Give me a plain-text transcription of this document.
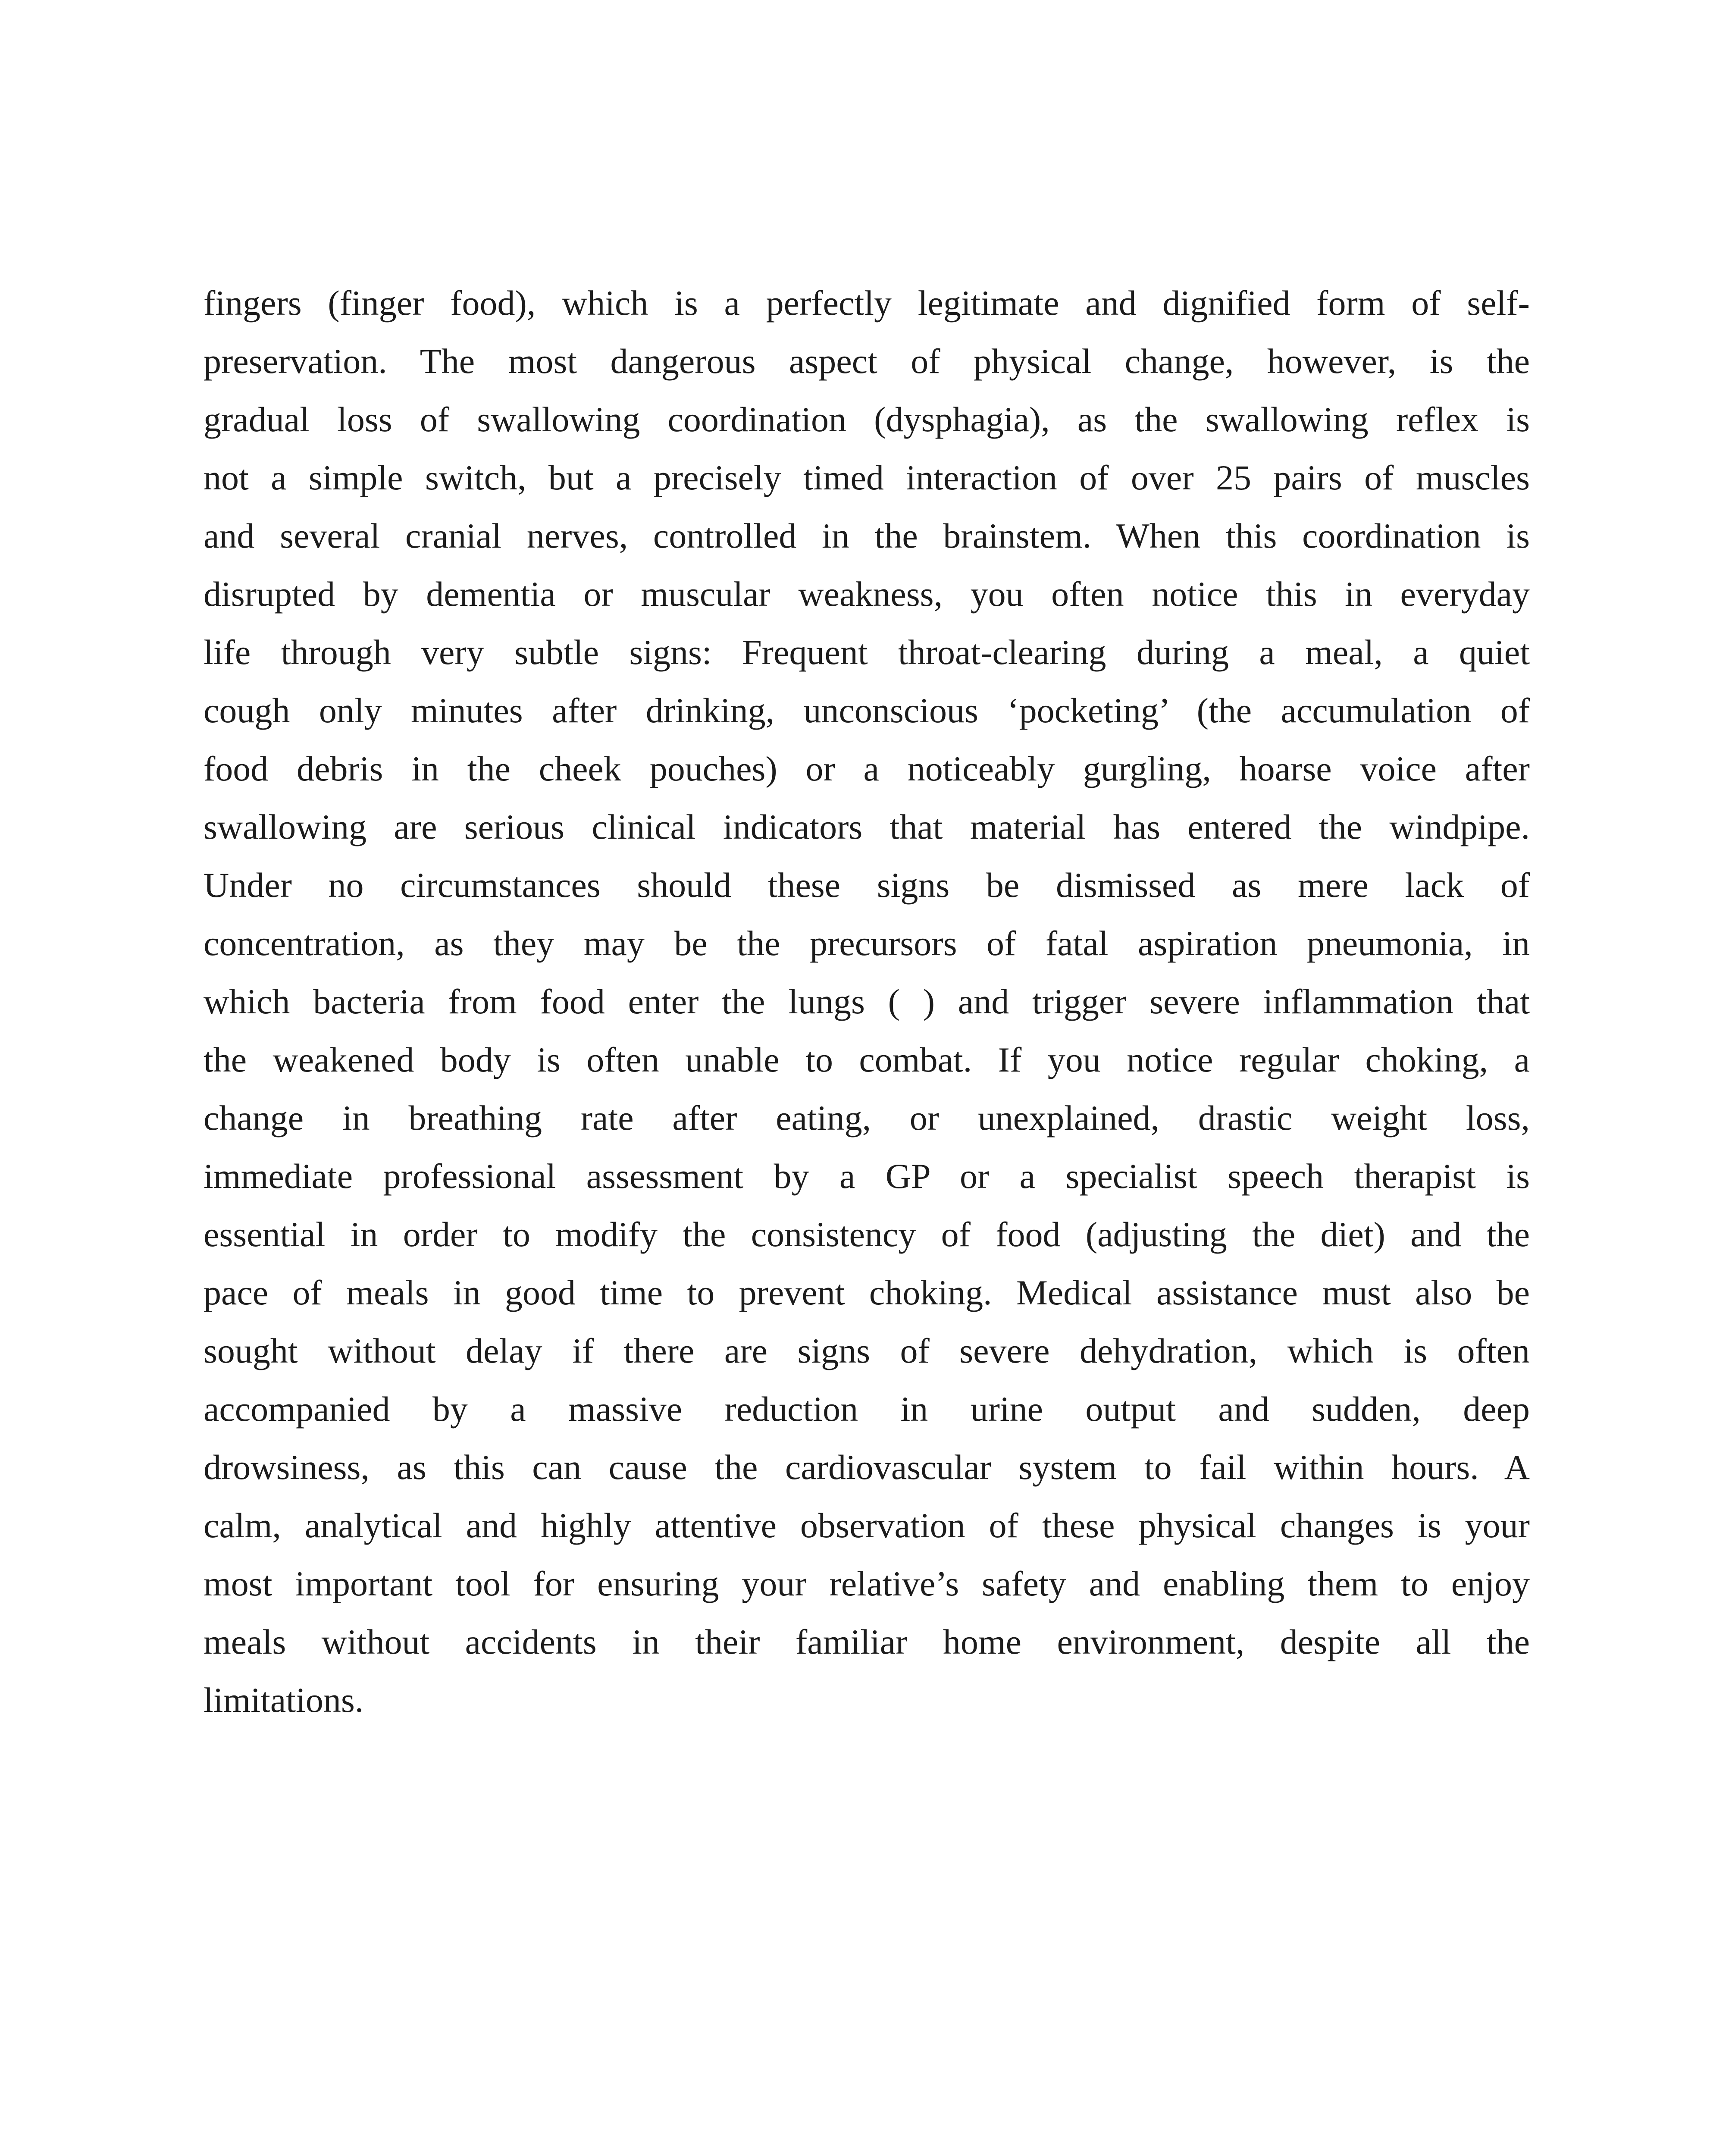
fingers (finger food), which is a perfectly legitimate and dignified form of self-
preservation. The most dangerous aspect of physical change, however, is the
gradual loss of swallowing coordination (dysphagia), as the swallowing reflex is
not a simple switch, but a precisely timed interaction of over 25 pairs of muscles
and several cranial nerves, controlled in the brainstem. When this coordination is
disrupted by dementia or muscular weakness, you often notice this in everyday
life through very subtle signs: Frequent throat-clearing during a meal, a quiet
cough only minutes after drinking, unconscious ‘pocketing’ (the accumulation of
food debris in the cheek pouches) or a noticeably gurgling, hoarse voice after
swallowing are serious clinical indicators that material has entered the windpipe.
Under no circumstances should these signs be dismissed as mere lack of
concentration, as they may be the precursors of fatal aspiration pneumonia, in
which bacteria from food enter the lungs ( ) and trigger severe inflammation that
the weakened body is often unable to combat. If you notice regular choking, a
change in breathing rate after eating, or unexplained, drastic weight loss,
immediate professional assessment by a GP or a specialist speech therapist is
essential in order to modify the consistency of food (adjusting the diet) and the
pace of meals in good time to prevent choking. Medical assistance must also be
sought without delay if there are signs of severe dehydration, which is often
accompanied by a massive reduction in urine output and sudden, deep
drowsiness, as this can cause the cardiovascular system to fail within hours. A
calm, analytical and highly attentive observation of these physical changes is your
most important tool for ensuring your relative’s safety and enabling them to enjoy
meals without accidents in their familiar home environment, despite all the
limitations.
